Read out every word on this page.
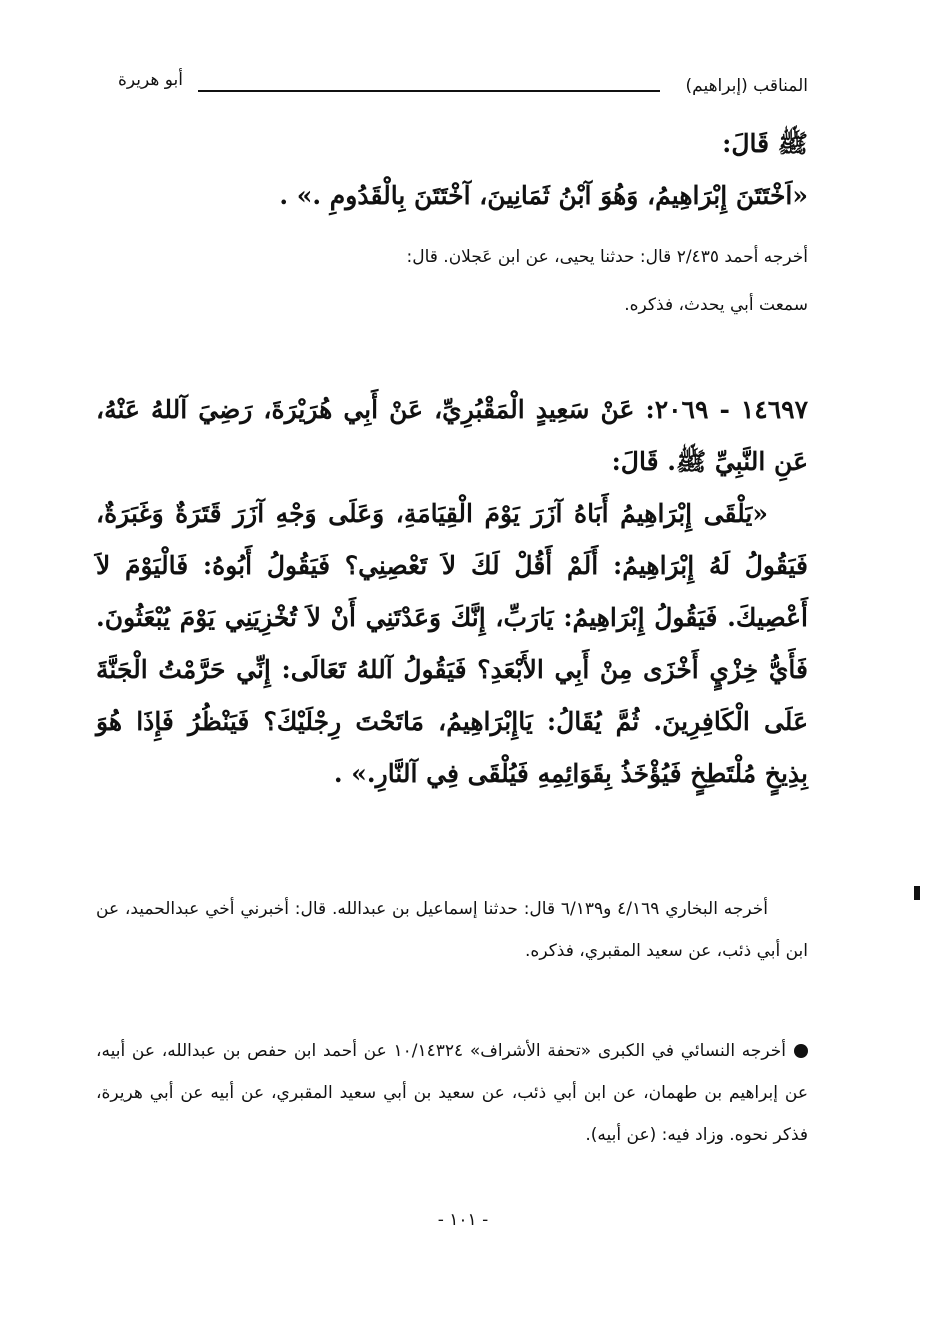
المناقب (إبراهيم)
أبو هريرة
ﷺ قَالَ:
«اَخْتَتَنَ إِبْرَاهِيمُ، وَهُوَ آبْنُ ثَمَانِينَ، آخْتَتَنَ بِالْقَدُومِ .» .
أخرجه أحمد ٢/٤٣٥ قال: حدثنا يحيى، عن ابن عَجلان. قال:
سمعت أبي يحدث، فذكره.
١٤٦٩٧ - ٢٠٦٩: عَنْ سَعِيدٍ الْمَقْبُرِيِّ، عَنْ أَبِي هُرَيْرَةَ، رَضِيَ آللهُ عَنْهُ، عَنِ النَّبِيِّ ﷺ. قَالَ:
«يَلْقَى إِبْرَاهِيمُ أَبَاهُ آزَرَ يَوْمَ الْقِيَامَةِ، وَعَلَى وَجْهِ آزَرَ قَتَرَةٌ وَغَبَرَةٌ، فَيَقُولُ لَهُ إِبْرَاهِيمُ: أَلَمْ أَقُلْ لَكَ لاَ تَعْصِنِي؟ فَيَقُولُ أَبُوهُ: فَالْيَوْمَ لاَ أَعْصِيكَ. فَيَقُولُ إِبْرَاهِيمُ: يَارَبِّ، إِنَّكَ وَعَدْتَنِي أَنْ لاَ تُخْزِيَنِي يَوْمَ يُبْعَثُونَ. فَأَيُّ خِزْيٍ أَخْزَى مِنْ أَبِي الأَبْعَدِ؟ فَيَقُولُ آللهُ تَعَالَى: إِنِّي حَرَّمْتُ الْجَنَّةَ عَلَى الْكَافِرِينَ. ثُمَّ يُقَالُ: يَاإِبْرَاهِيمُ، مَاتَحْتَ رِجْلَيْكَ؟ فَيَنْظُرُ فَإِذَا هُوَ بِذِيخٍ مُلْتَطِخٍ فَيُؤْخَذُ بِقَوَائِمِهِ فَيُلْقَى فِي آلنَّارِ.» .
أخرجه البخاري ٤/١٦٩ و٦/١٣٩ قال: حدثنا إسماعيل بن عبدالله. قال: أخبرني أخي عبدالحميد، عن ابن أبي ذئب، عن سعيد المقبري، فذكره.
أخرجه النسائي في الكبرى «تحفة الأشراف» ١٠/١٤٣٢٤ عن أحمد ابن حفص بن عبدالله، عن أبيه، عن إبراهيم بن طهمان، عن ابن أبي ذئب، عن سعيد بن أبي سعيد المقبري، عن أبيه عن أبي هريرة، فذكر نحوه. وزاد فيه: (عن أبيه).
- ١٠١ -
